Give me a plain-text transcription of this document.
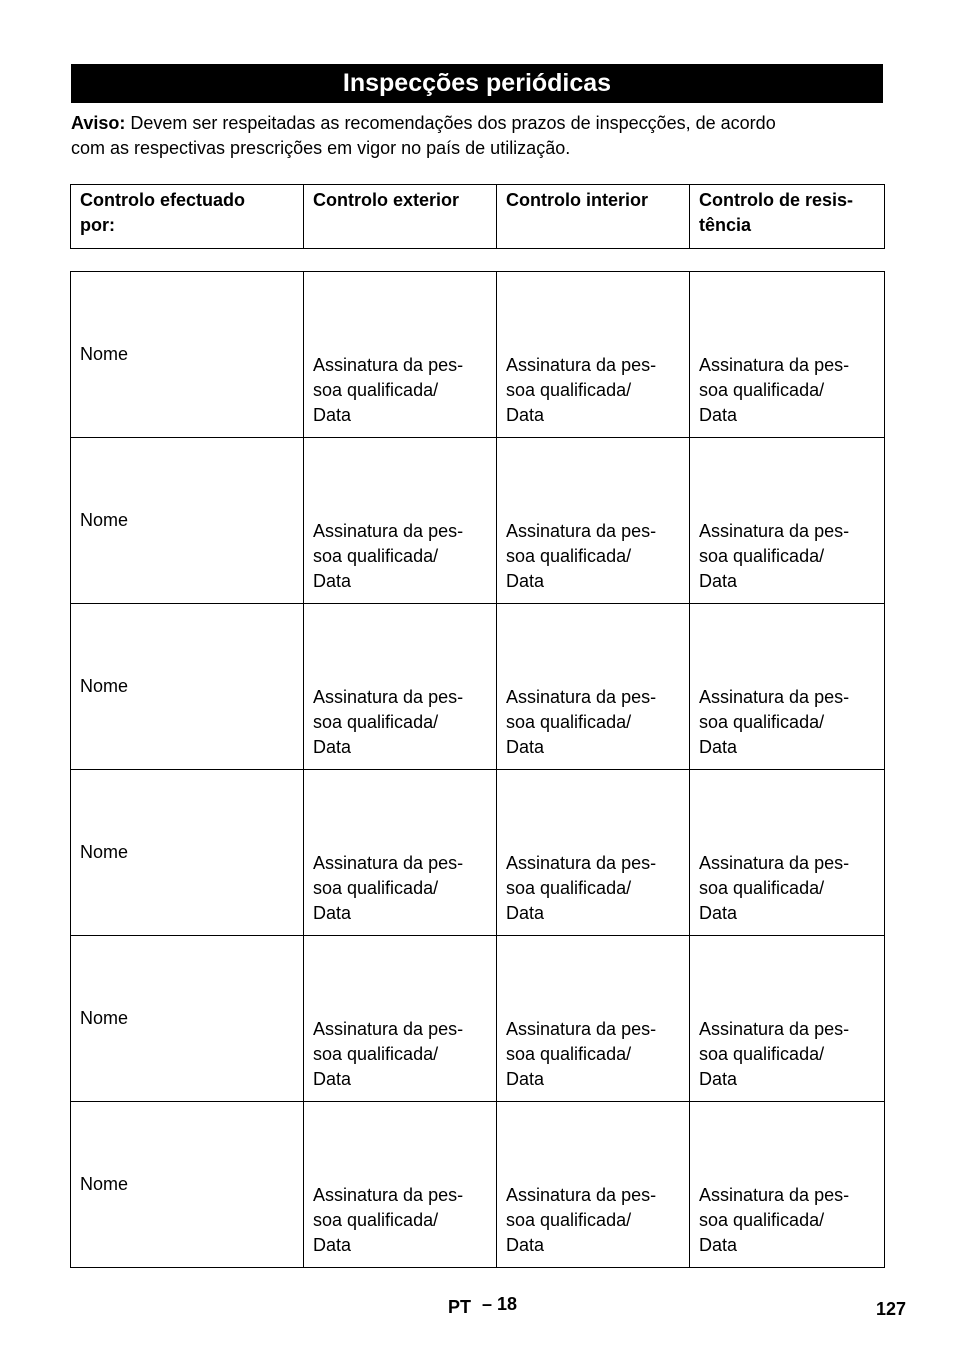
Inspecções periódicas
Aviso: Devem ser respeitadas as recomendações dos prazos de inspecções, de acordo
com as respectivas prescrições em vigor no país de utilização.
Controlo efectuado
por:	Controlo exterior	Controlo interior	Controlo de resis-
tência
Nome	Assinatura da pes-
soa qualificada/
Data	Assinatura da pes-
soa qualificada/
Data	Assinatura da pes-
soa qualificada/
Data

Nome	Assinatura da pes-
soa qualificada/
Data	Assinatura da pes-
soa qualificada/
Data	Assinatura da pes-
soa qualificada/
Data

Nome	Assinatura da pes-
soa qualificada/
Data	Assinatura da pes-
soa qualificada/
Data	Assinatura da pes-
soa qualificada/
Data

Nome	Assinatura da pes-
soa qualificada/
Data	Assinatura da pes-
soa qualificada/
Data	Assinatura da pes-
soa qualificada/
Data

Nome	Assinatura da pes-
soa qualificada/
Data	Assinatura da pes-
soa qualificada/
Data	Assinatura da pes-
soa qualificada/
Data

Nome	Assinatura da pes-
soa qualificada/
Data	Assinatura da pes-
soa qualificada/
Data	Assinatura da pes-
soa qualificada/
Data
PT – 18	127
